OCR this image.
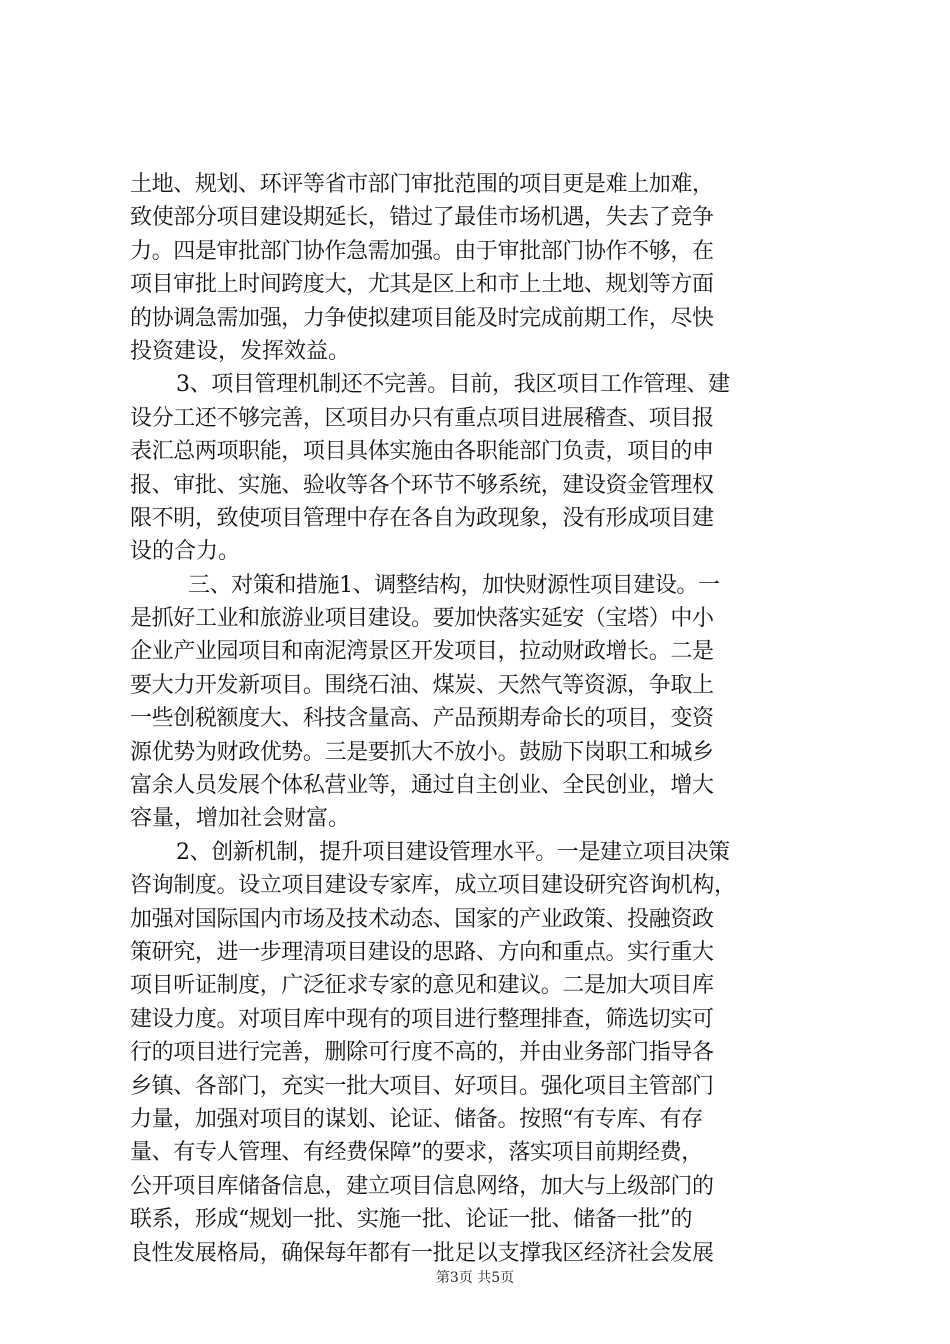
土地、规划、环评等省市部门审批范围的项目更是难上加难，
致使部分项目建设期延长，错过了最佳市场机遇，失去了竞争
力。四是审批部门协作急需加强。由于审批部门协作不够，在
项目审批上时间跨度大，尤其是区上和市上土地、规划等方面
的协调急需加强，力争使拟建项目能及时完成前期工作，尽快
投资建设，发挥效益。
3、项目管理机制还不完善。目前，我区项目工作管理、建
设分工还不够完善，区项目办只有重点项目进展稽查、项目报
表汇总两项职能，项目具体实施由各职能部门负责，项目的申
报、审批、实施、验收等各个环节不够系统，建设资金管理权
限不明，致使项目管理中存在各自为政现象，没有形成项目建
设的合力。
三、对策和措施1、调整结构，加快财源性项目建设。一
是抓好工业和旅游业项目建设。要加快落实延安（宝塔）中小
企业产业园项目和南泥湾景区开发项目，拉动财政增长。二是
要大力开发新项目。围绕石油、煤炭、天然气等资源，争取上
一些创税额度大、科技含量高、产品预期寿命长的项目，变资
源优势为财政优势。三是要抓大不放小。鼓励下岗职工和城乡
富余人员发展个体私营业等，通过自主创业、全民创业，增大
容量，增加社会财富。
2、创新机制，提升项目建设管理水平。一是建立项目决策
咨询制度。设立项目建设专家库，成立项目建设研究咨询机构，
加强对国际国内市场及技术动态、国家的产业政策、投融资政
策研究，进一步理清项目建设的思路、方向和重点。实行重大
项目听证制度，广泛征求专家的意见和建议。二是加大项目库
建设力度。对项目库中现有的项目进行整理排查，筛选切实可
行的项目进行完善，删除可行度不高的，并由业务部门指导各
乡镇、各部门，充实一批大项目、好项目。强化项目主管部门
力量，加强对项目的谋划、论证、储备。按照“有专库、有存
量、有专人管理、有经费保障”的要求，落实项目前期经费，
公开项目库储备信息，建立项目信息网络，加大与上级部门的
联系，形成“规划一批、实施一批、论证一批、储备一批”的
良性发展格局，确保每年都有一批足以支撑我区经济社会发展
第3页 共5页
